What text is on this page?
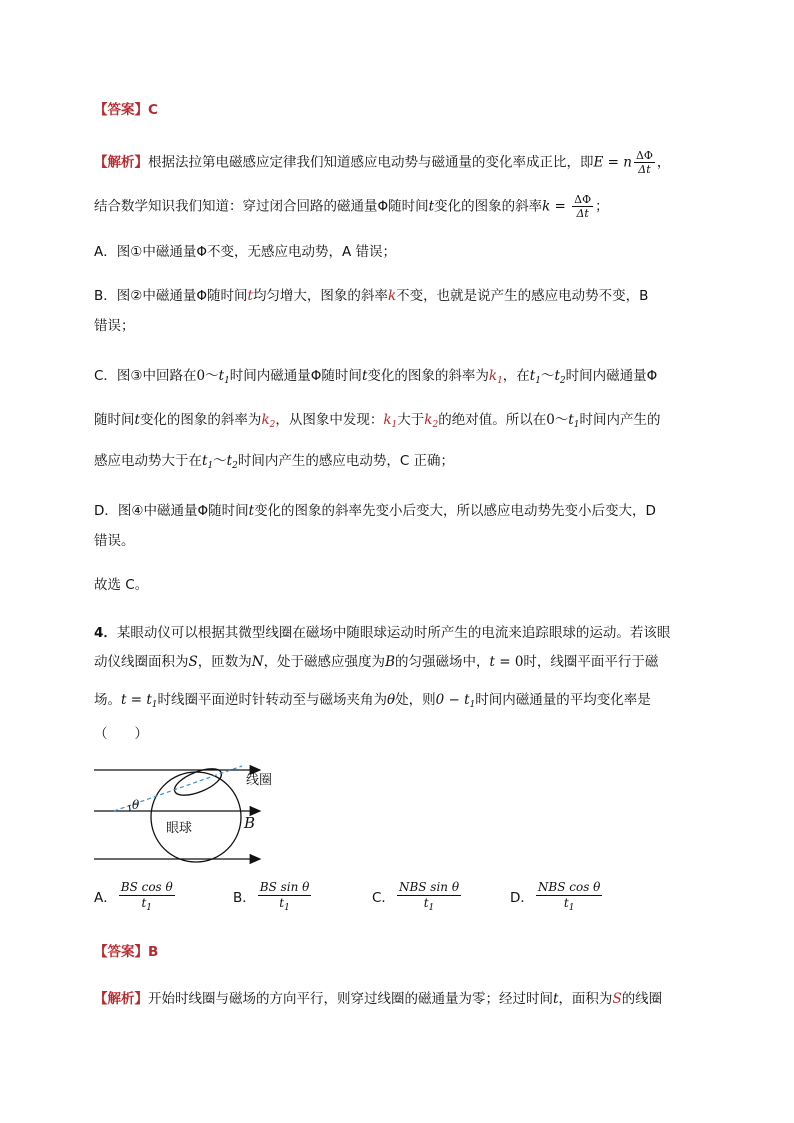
【答案】C
【解析】根据法拉第电磁感应定律我们知道感应电动势与磁通量的变化率成正比，即E = n $\frac{\Delta\Phi}{\Delta t}$ ，
结合数学知识我们知道：穿过闭合回路的磁通量Φ随时间t变化的图象的斜率$k = \frac{\Delta\Phi}{\Delta t}$ ；
A．图①中磁通量Φ不变，无感应电动势，A 错误；
B．图②中磁通量Φ随时间t均匀增大，图象的斜率k不变，也就是说产生的感应电动势不变，B
错误；
C．图③中回路在$0\sim t_1$时间内磁通量Φ随时间t变化的图象的斜率为$k_1$，在$t_1\sim t_2$时间内磁通量Φ
随时间t变化的图象的斜率为$k_2$，从图象中发现：$k_1$大于$k_2$的绝对值。所以在$0\sim t_1$时间内产生的
感应电动势大于在$t_1\sim t_2$时间内产生的感应电动势，C 正确；
D．图④中磁通量Φ随时间t变化的图象的斜率先变小后变大，所以感应电动势先变小后变大，D
错误。
故选 C。
4．某眼动仪可以根据其微型线圈在磁场中随眼球运动时所产生的电流来追踪眼球的运动。若该眼
动仪线圈面积为S，匝数为N，处于磁感应强度为B的匀强磁场中，t = 0时，线圈平面平行于磁
场。$t = t_1$时线圈平面逆时针转动至与磁场夹角为θ处，则$0 - t_1$时间内磁通量的平均变化率是
（　　）
θ
线圈
眼球	B
A． $\frac{\text{BS cos θ}}{t_1}$	B． $\frac{\text{BS sin θ}}{t_1}$	C． $\frac{\text{NBS sin θ}}{t_1}$	D． $\frac{\text{NBS cos θ}}{t_1}$
【答案】B
【解析】开始时线圈与磁场的方向平行，则穿过线圈的磁通量为零；经过时间t，面积为S的线圈
